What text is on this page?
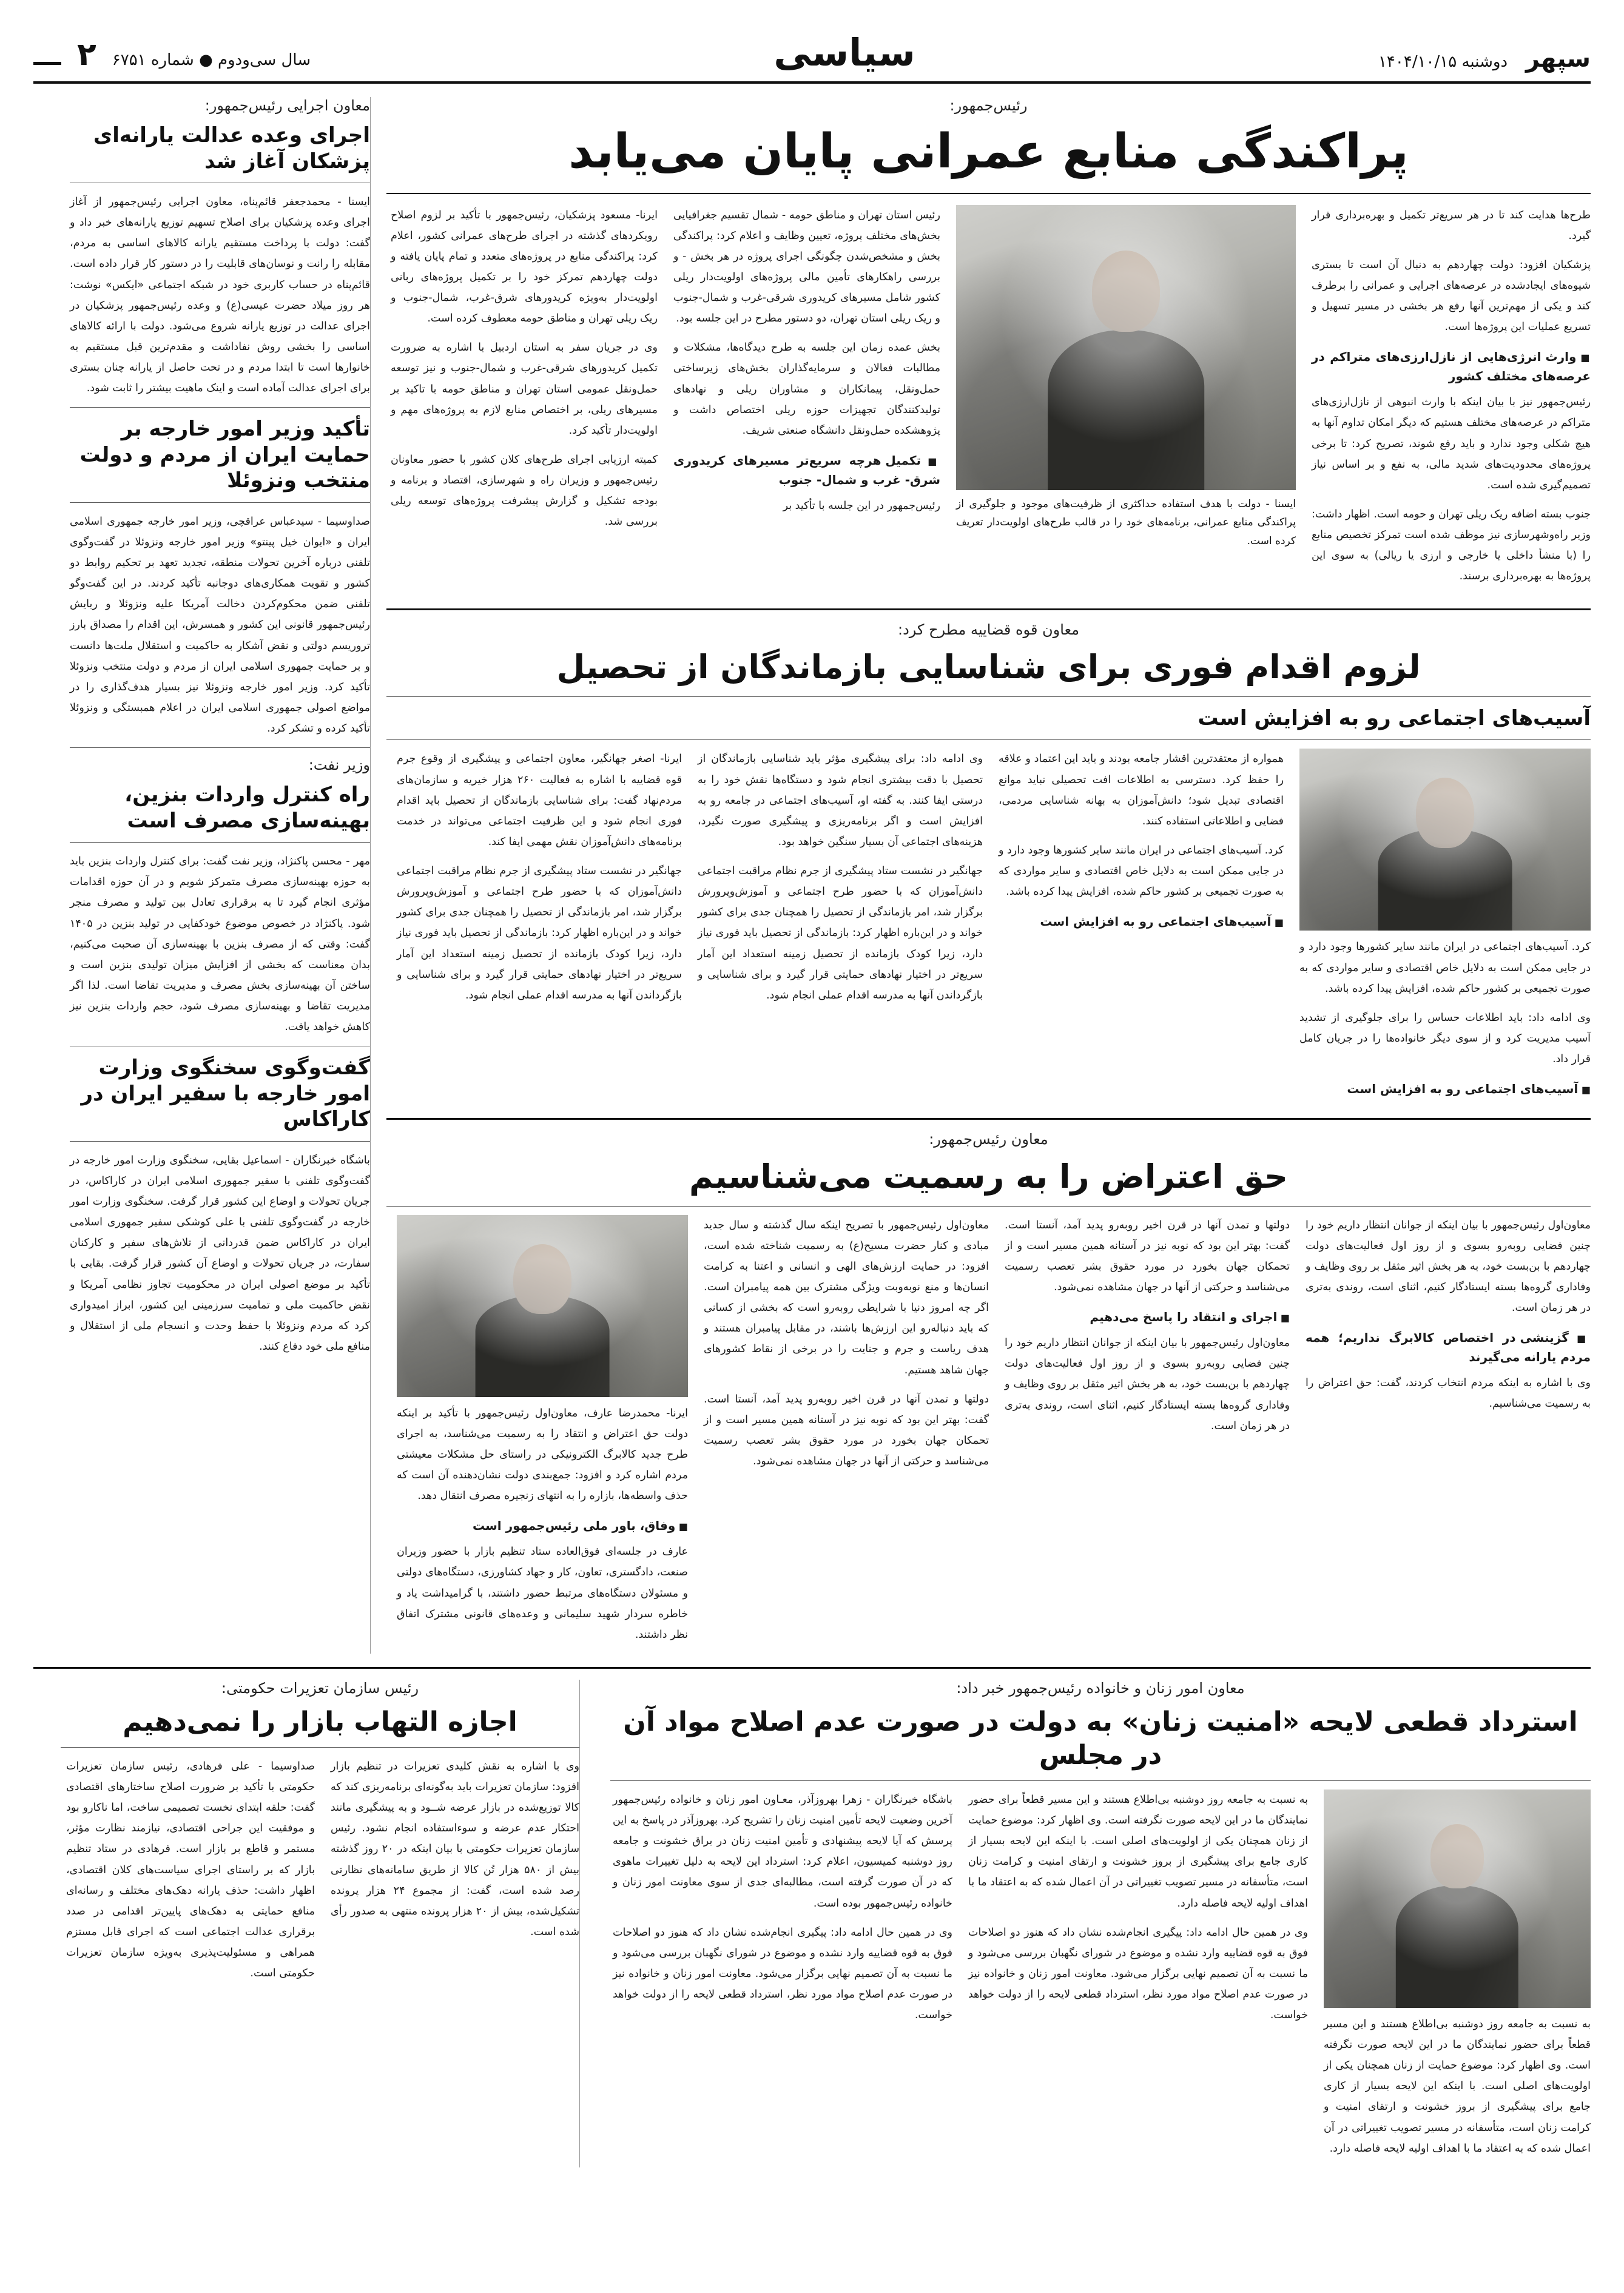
سپهر
دوشنبه ۱۴۰۴/۱۰/۱۵
سیاسی
سال سی‌ودوم ● شماره ۶۷۵۱
۲
رئیس‌جمهور:
پراکندگی منابع عمرانی پایان می‌یابد

طرح‌ها هدایت کند تا در هر سریع‌تر تکمیل و بهره‌برداری قرار گیرد.

پزشکیان افزود: دولت چهاردهم به دنبال آن است تا بستری شیوه‌های ایجادشده در عرصه‌های اجرایی و عمرانی را برطرف کند و یکی از مهم‌ترین آنها رفع هر بخشی در مسیر تسهیل و تسریع عملیات این پروژه‌ها است.

■ وارث انرژی‌هایی از نازل‌ارزی‌های متراکم در عرصه‌های مختلف کشور

رئیس‌جمهور نیز با بیان اینکه با وارث انبوهی از نازل‌ارزی‌های متراکم در عرصه‌های مختلف هستیم که دیگر امکان تداوم آنها به هیچ شکلی وجود ندارد و باید رفع شوند، تصریح کرد: تا برخی پروژه‌های محدودیت‌های شدید مالی، به نفع و بر اساس نیاز تصمیم‌گیری شده است.

جنوب بسته اضافه ریک ریلی تهران و حومه است. اظهار داشت: وزیر راه‌وشهرسازی نیز موظف شده است تمرکز تخصیص منابع را (با منشأ داخلی یا خارجی و ارزی یا ریالی) به سوی این پروژه‌ها به بهره‌برداری برسند.

ایسنا - دولت با هدف استفاده حداکثری از ظرفیت‌های موجود و جلوگیری از پراکندگی منابع عمرانی، برنامه‌های خود را در قالب طرح‌های اولویت‌دار تعریف کرده است.

رئیس استان تهران و مناطق حومه - شمال تقسیم جغرافیایی بخش‌های مختلف پروژه، تعیین وظایف و اعلام کرد: پراکندگی بخش و مشخص‌شدن چگونگی اجرای پروژه در هر بخش - و بررسی راهکارهای تأمین مالی پروژه‌های اولویت‌دار ریلی کشور شامل مسیرهای کریدوری شرقی-غرب و شمال-جنوب و ریک ریلی استان تهران، دو دستور مطرح در این جلسه بود.

بخش عمده زمان این جلسه به طرح دیدگاه‌ها، مشکلات و مطالبات فعالان و سرمایه‌گذاران بخش‌های زیرساختی حمل‌ونقل، پیمانکاران و مشاوران ریلی و نهادهای تولیدکنندگان تجهیزات حوزه ریلی اختصاص داشت و پژوهشکده حمل‌ونقل دانشگاه صنعتی شریف.

■ تکمیل هرچه سریع‌تر مسیرهای کریدوری شرق- غرب و شمال- جنوب

رئیس‌جمهور در این جلسه با تأکید بر

ایرنا- مسعود پزشکیان، رئیس‌جمهور با تأکید بر لزوم اصلاح رویکردهای گذشته در اجرای طرح‌های عمرانی کشور، اعلام کرد: پراکندگی منابع در پروژه‌های متعدد و تمام پایان یافته و دولت چهاردهم تمرکز خود را بر تکمیل پروژه‌های ربانی اولویت‌دار به‌ویژه کریدورهای شرق-غرب، شمال-جنوب و ریک ریلی تهران و مناطق حومه معطوف کرده است.

وی در جریان سفر به استان اردبیل با اشاره به ضرورت تکمیل کریدورهای شرقی-غرب و شمال-جنوب و نیز توسعه حمل‌ونقل عمومی استان تهران و مناطق حومه با تاکید بر مسیرهای ریلی، بر اختصاص منابع لازم به پروژه‌های مهم و اولویت‌دار تأکید کرد.

کمیته ارزیابی اجرای طرح‌های کلان کشور با حضور معاونان رئیس‌جمهور و وزیران راه و شهرسازی، اقتصاد و برنامه و بودجه تشکیل و گزارش پیشرفت پروژه‌های توسعه ریلی بررسی شد.

معاون قوه قضاییه مطرح کرد:
لزوم اقدام فوری برای شناسایی بازماندگان از تحصیل
آسیب‌های اجتماعی رو به افزایش است

کرد. آسیب‌های اجتماعی در ایران مانند سایر کشورها وجود دارد و در جایی ممکن است به دلایل خاص اقتصادی و سایر مواردی که به صورت تجمیعی بر کشور حاکم شده، افزایش پیدا کرده باشد.

وی ادامه داد: باید اطلاعات حساس را برای جلوگیری از تشدید آسیب مدیریت کرد و از سوی دیگر خانواده‌ها را در جریان کامل قرار داد.

■ آسیب‌های اجتماعی رو به افزایش است

همواره از معتقدترین اقشار جامعه بودند و باید این اعتماد و علاقه را حفظ کرد. دسترسی به اطلاعات افت تحصیلی نباید موانع اقتصادی تبدیل شود؛ دانش‌آموزان به بهانه شناسایی مردمی، فضایی و اطلاعاتی استفاده کنند.

کرد. آسیب‌های اجتماعی در ایران مانند سایر کشورها وجود دارد و در جایی ممکن است به دلایل خاص اقتصادی و سایر مواردی که به صورت تجمیعی بر کشور حاکم شده، افزایش پیدا کرده باشد.

■ آسیب‌های اجتماعی رو به افزایش است

وی ادامه داد: برای پیشگیری مؤثر باید شناسایی بازماندگان از تحصیل با دقت بیشتری انجام شود و دستگاه‌ها نقش خود را به درستی ایفا کنند. به گفته او، آسیب‌های اجتماعی در جامعه رو به افزایش است و اگر برنامه‌ریزی و پیشگیری صورت نگیرد، هزینه‌های اجتماعی آن بسیار سنگین خواهد بود.

جهانگیر در نشست ستاد پیشگیری از جرم نظام مراقبت اجتماعی دانش‌آموزان که با حضور طرح اجتماعی و آموزش‌وپرورش برگزار شد، امر بازماندگی از تحصیل را همچنان جدی برای کشور خواند و در این‌باره اظهار کرد: بازماندگی از تحصیل باید فوری نیاز دارد، زیرا کودک بازمانده از تحصیل زمینه استعداد این آمار سریع‌تر در اختیار نهادهای حمایتی قرار گیرد و برای شناسایی و بازگرداندن آنها به مدرسه اقدام عملی انجام شود.

ایرنا- اصغر جهانگیر، معاون اجتماعی و پیشگیری از وقوع جرم قوه قضاییه با اشاره به فعالیت ۲۶۰ هزار خیریه و سازمان‌های مردم‌نهاد گفت: برای شناسایی بازماندگان از تحصیل باید اقدام فوری انجام شود و این ظرفیت اجتماعی می‌تواند در خدمت برنامه‌های دانش‌آموزان نقش مهمی ایفا کند.

جهانگیر در نشست ستاد پیشگیری از جرم نظام مراقبت اجتماعی دانش‌آموزان که با حضور طرح اجتماعی و آموزش‌وپرورش برگزار شد، امر بازماندگی از تحصیل را همچنان جدی برای کشور خواند و در این‌باره اظهار کرد: بازماندگی از تحصیل باید فوری نیاز دارد، زیرا کودک بازمانده از تحصیل زمینه استعداد این آمار سریع‌تر در اختیار نهادهای حمایتی قرار گیرد و برای شناسایی و بازگرداندن آنها به مدرسه اقدام عملی انجام شود.

معاون رئیس‌جمهور:
حق اعتراض را به رسمیت می‌شناسیم

معاون‌اول رئیس‌جمهور با بیان اینکه از جوانان انتظار داریم خود را چنین فضایی روبه‌رو بسوی و از روز اول فعالیت‌های دولت چهاردهم با بن‌بست خود، به هر بخش اثیر مثقل بر روی وظایف و وفاداری گروه‌ها بسته ایستادگار کنیم، اثنای است، روندی به‌تری در هر زمان است.

■ گزینشی در اختصاص کالابرگ نداریم؛ همه مردم یارانه می‌گیرند

وی با اشاره به اینکه مردم انتخاب کردند، گفت: حق اعتراض را به رسمیت می‌شناسیم.

دولتها و تمدن آنها در قرن اخیر روبه‌رو پدید آمد، آنستا است. گفت: بهتر این بود که نوبه نیز در آستانه همین مسیر است و از تحمکان جهان بخورد در مورد حقوق بشر تعصب رسمیت می‌شناسد و حرکتی از آنها در جهان مشاهده نمی‌شود.

■ اجرای و انتقاد را پاسخ می‌دهیم

معاون‌اول رئیس‌جمهور با بیان اینکه از جوانان انتظار داریم خود را چنین فضایی روبه‌رو بسوی و از روز اول فعالیت‌های دولت چهاردهم با بن‌بست خود، به هر بخش اثیر مثقل بر روی وظایف و وفاداری گروه‌ها بسته ایستادگار کنیم، اثنای است، روندی به‌تری در هر زمان است.

معاون‌اول رئیس‌جمهور با تصریح اینکه سال گذشته و سال جدید مبادی و کنار حضرت مسیح(ع) به رسمیت شناخته شده است، افزود: در حمایت ارزش‌های الهی و انسانی و اعتنا به کرامت انسان‌ها و منع نوبه‌وبت ویژگی مشترک بین همه پیامبران است. اگر چه امروز دنیا با شرایطی روبه‌رو است که بخشی از کسانی که باید دنباله‌رو این ارزش‌ها باشند، در مقابل پیامبران هستند و هدف ریاست و جرم و جنایت را در برخی از نقاط کشورهای جهان شاهد هستیم.

دولتها و تمدن آنها در قرن اخیر روبه‌رو پدید آمد، آنستا است. گفت: بهتر این بود که نوبه نیز در آستانه همین مسیر است و از تحمکان جهان بخورد در مورد حقوق بشر تعصب رسمیت می‌شناسد و حرکتی از آنها در جهان مشاهده نمی‌شود.

ایرنا- محمدرضا عارف، معاون‌اول رئیس‌جمهور با تأکید بر اینکه دولت حق اعتراض و انتقاد را به رسمیت می‌شناسد، به اجرای طرح جدید کالابرگ الکترونیکی در راستای حل مشکلات معیشتی مردم اشاره کرد و افزود: جمع‌بندی دولت نشان‌دهنده آن است که حذف واسطه‌ها، بازاره را به انتهای زنجیره مصرف انتقال دهد.

■ وفاق، باور ملی رئیس‌جمهور است

عارف در جلسه‌ای فوق‌العاده ستاد تنظیم بازار با حضور وزیران صنعت، دادگستری، تعاون، کار و جهاد کشاورزی، دستگاه‌های دولتی و مسئولان دستگاه‌های مرتبط حضور داشتند، با گرامیداشت یاد و خاطره سردار شهید سلیمانی و وعده‌های قانونی مشترک اتفاق نظر داشتند.

معاون اجرایی رئیس‌جمهور:
اجرای وعده عدالت یارانه‌ای پزشکان آغاز شد

ایسنا - محمدجعفر قائم‌پناه، معاون اجرایی رئیس‌جمهور از آغاز اجرای وعده پزشکیان برای اصلاح تسهیم توزیع یارانه‌های خبر داد و گفت: دولت با پرداخت مستقیم یارانه کالاهای اساسی به مردم، مقابله را رانت و نوسان‌های قابلیت را در دستور کار قرار داده است. قائم‌پناه در حساب کاربری خود در شبکه اجتماعی «ایکس» نوشت: هر روز میلاد حضرت عیسی(ع) و وعده رئیس‌جمهور پزشکیان در اجرای عدالت در توزیع یارانه شروع می‌شود. دولت با ارائه کالاهای اساسی را بخشی روش نفاداشت و مقدم‌ترین قبل مستقیم به خانوارها است تا ابتدا مردم و در تحت حاصل از یارانه چنان بستری برای اجرای عدالت آماده است و اینک ماهیت بیشتر را ثابت شود.

تأکید وزیر امور خارجه بر حمایت ایران از مردم و دولت منتخب ونزوئلا

صداوسیما - سیدعباس عراقچی، وزیر امور خارجه جمهوری اسلامی ایران و «ایوان خیل پینتو» وزیر امور خارجه ونزوئلا در گفت‌وگوی تلفنی درباره آخرین تحولات منطقه، تجدید تعهد بر تحکیم روابط دو کشور و تقویت همکاری‌های دوجانبه تأکید کردند. در این گفت‌وگو تلفنی ضمن محکوم‌کردن دخالت آمریکا علیه ونزوئلا و ربایش رئیس‌جمهور قانونی این کشور و همسرش، این اقدام را مصداق بارز تروریسم دولتی و نقض آشکار به حاکمیت و استقلال ملت‌ها دانست و بر حمایت جمهوری اسلامی ایران از مردم و دولت منتخب ونزوئلا تأکید کرد. وزیر امور خارجه ونزوئلا نیز بسیار هدف‌گذاری را در مواضع اصولی جمهوری اسلامی ایران در اعلام همبستگی و ونزوئلا تأکید کرده و تشکر کرد.

وزیر نفت:
راه کنترل واردات بنزین، بهینه‌سازی مصرف است

مهر - محسن پاکنژاد، وزیر نفت گفت: برای کنترل واردات بنزین باید به حوزه بهینه‌سازی مصرف متمرکز شویم و در آن حوزه اقدامات مؤثری انجام گیرد تا به برقراری تعادل بین تولید و مصرف منجر شود. پاکنژاد در خصوص موضوع خودکفایی در تولید بنزین در ۱۴۰۵ گفت: وقتی که از مصرف بنزین با بهینه‌سازی آن صحبت می‌کنیم، بدان معناست که بخشی از افزایش میزان تولیدی بنزین است و ساختن آن بهینه‌سازی بخش مصرف و مدیریت تقاضا است. لذا اگر مدیریت تقاضا و بهینه‌سازی مصرف شود، حجم واردات بنزین نیز کاهش خواهد یافت.

گفت‌وگوی سخنگوی وزارت امور خارجه با سفیر ایران در کاراکاس

باشگاه خبرنگاران - اسماعیل بقایی، سخنگوی وزارت امور خارجه در گفت‌وگوی تلفنی با سفیر جمهوری اسلامی ایران در کاراکاس، در جریان تحولات و اوضاع این کشور قرار گرفت. سخنگوی وزارت امور خارجه در گفت‌وگوی تلفنی با علی کوشکی سفیر جمهوری اسلامی ایران در کاراکاس ضمن قدردانی از تلاش‌های سفیر و کارکنان سفارت، در جریان تحولات و اوضاع آن کشور قرار گرفت. بقایی با تأکید بر موضع اصولی ایران در محکومیت تجاوز نظامی آمریکا و نقض حاکمیت ملی و تمامیت سرزمینی این کشور، ابراز امیدواری کرد که مردم ونزوئلا با حفظ وحدت و انسجام ملی از استقلال و منافع ملی خود دفاع کنند.

معاون امور زنان و خانواده رئیس‌جمهور خبر داد:
استرداد قطعی لایحه «امنیت زنان» به دولت در صورت عدم اصلاح مواد آن در مجلس

به نسبت به جامعه روز دوشنبه بی‌اطلاع هستند و این مسیر قطعاً برای حضور نمایندگان ما در این لایحه صورت نگرفته است. وی اظهار کرد: موضوع حمایت از زنان همچنان یکی از اولویت‌های اصلی است. با اینکه این لایحه بسیار از کاری جامع برای پیشگیری از بروز خشونت و ارتقای امنیت و کرامت زنان است، متأسفانه در مسیر تصویب تغییراتی در آن اعمال شده که به اعتقاد ما با اهداف اولیه لایحه فاصله دارد.

به نسبت به جامعه روز دوشنبه بی‌اطلاع هستند و این مسیر قطعاً برای حضور نمایندگان ما در این لایحه صورت نگرفته است. وی اظهار کرد: موضوع حمایت از زنان همچنان یکی از اولویت‌های اصلی است. با اینکه این لایحه بسیار از کاری جامع برای پیشگیری از بروز خشونت و ارتقای امنیت و کرامت زنان است، متأسفانه در مسیر تصویب تغییراتی در آن اعمال شده که به اعتقاد ما با اهداف اولیه لایحه فاصله دارد.

وی در همین حال ادامه داد: پیگیری انجام‌شده نشان داد که هنوز دو اصلاحات فوق به قوه قضاییه وارد نشده و موضوع در شورای نگهبان بررسی می‌شود و ما نسبت به آن تصمیم نهایی برگزار می‌شود. معاونت امور زنان و خانواده نیز در صورت عدم اصلاح مواد مورد نظر، استرداد قطعی لایحه را از دولت خواهد خواست.

باشگاه خبرنگاران - زهرا بهروزآذر، معـاون امور زنان و خانواده رئیس‌جمهور آخرین وضعیت لایحه تأمین امنیت زنان را تشریح کرد. بهروزآذر در پاسخ به این پرسش که آیا لایحه پیشنهادی و تأمین امنیت زنان در براق خشونت و جامعه روز دوشنبه کمیسیون، اعلام کرد: استرداد این لایحه به دلیل تغییرات ماهوی که در آن صورت گرفته است، مطالبه‌ای جدی از سوی معاونت امور زنان و خانواده رئیس‌جمهور بوده است.

وی در همین حال ادامه داد: پیگیری انجام‌شده نشان داد که هنوز دو اصلاحات فوق به قوه قضاییه وارد نشده و موضوع در شورای نگهبان بررسی می‌شود و ما نسبت به آن تصمیم نهایی برگزار می‌شود. معاونت امور زنان و خانواده نیز در صورت عدم اصلاح مواد مورد نظر، استرداد قطعی لایحه را از دولت خواهد خواست.

رئیس سازمان تعزیرات حکومتی:
اجازه التهاب بازار را نمی‌دهیم

وی با اشاره به نقش کلیدی تعزیرات در تنظیم بازار افزود: سازمان تعزیرات باید به‌گونه‌ای برنامه‌ریزی کند که کالا توزیع‌شده در بازار عرضه شــود و به پیشگیری مانند احتکار عدم عرضه و سوءاستفاده انجام نشود. رئیس سازمان تعزیرات حکومتی با بیان اینکه در ۲۰ روز گذشته بیش از ۵۸۰ هزار تُن کالا از طریق سامانه‌های نظارتی رصد شده است، گفت: از مجموع ۲۴ هزار پرونده تشکیل‌شده، بیش از ۲۰ هزار پرونده منتهی به صدور رأی شده است.

صداوسیما - علی فرهادی، رئیس سازمان تعزیرات حکومتی با تأکید بر ضرورت اصلاح ساختارهای اقتصادی گفت: حلقه ابتدای نخست تصمیمی ساخت، اما ناکارو بود و موفقیت این جراحی اقتصادی، نیازمند نظارت مؤثر، مستمر و قاطع بر بازار است. فرهادی در ستاد تنظیم بازار که بر راستای اجرای سیاست‌های کلان اقتصادی، اظهار داشت: حذف یارانه دهک‌های مختلف و رسانه‌ای منافع حمایتی به دهک‌های پایین‌تر اقدامی در صدد برقراری عدالت اجتماعی است که اجرای قابل مستزم همراهی و مسئولیت‌پذیری به‌ویژه سازمان تعزیرات حکومتی است.
